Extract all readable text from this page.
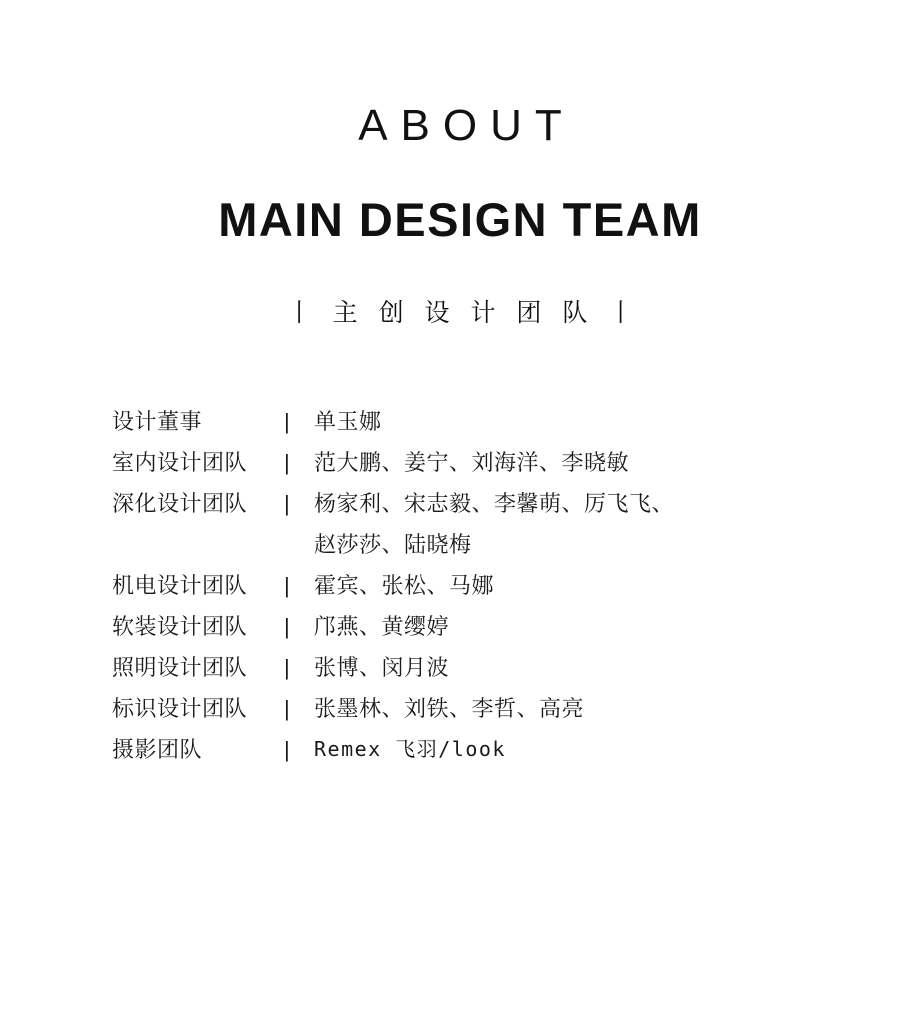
ABOUT
MAIN DESIGN TEAM
丨 主 创 设 计 团 队 丨
设计董事	|	单玉娜
室内设计团队	|	范大鹏、姜宁、刘海洋、李晓敏
深化设计团队	|	杨家利、宋志毅、李馨萌、厉飞飞、
赵莎莎、陆晓梅
机电设计团队	|	霍宾、张松、马娜
软装设计团队	|	邝燕、黄缨婷
照明设计团队	|	张博、闵月波
标识设计团队	|	张墨林、刘铁、李哲、高亮
摄影团队	|	Remex 飞羽/look
